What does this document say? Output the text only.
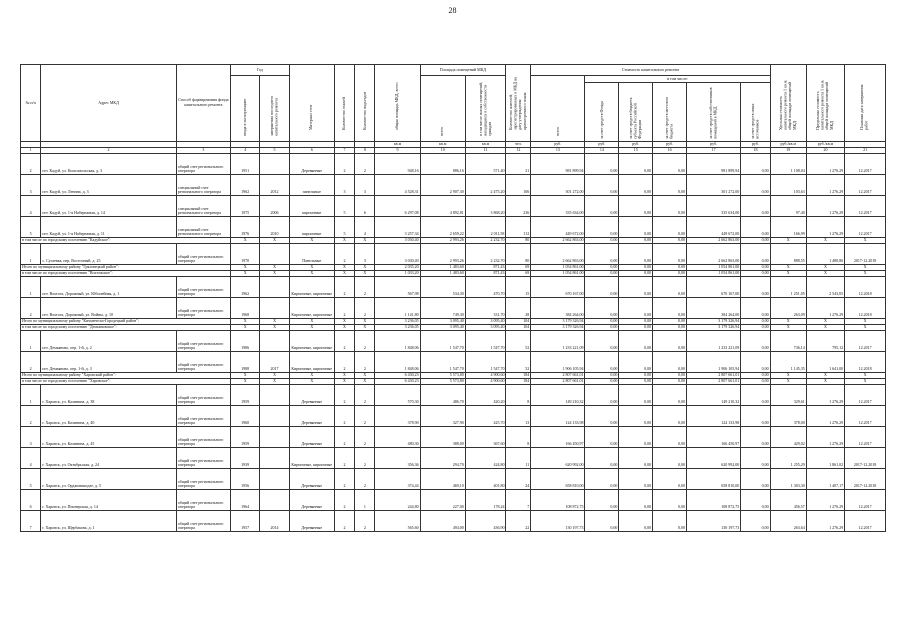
28
№ п/п	Адрес МКД	Способ формирования фонда капитального ремонта	Год		Материал стен	Количество этажей	Количество подъездов	общая площадь МКД, всего	Площадь помещений МКД		Количество жителей, зарегистрированных в МКД на дату утверждения краткосрочного плана	Стоимость капитального ремонта						Удельная стоимость капитального ремонта 1 кв.м. общей площади помещений МКД	Предельная стоимость капитального ремонта 1 кв.м. общей площади помещений МКД	Плановая дата завершения работ

			ввода в эксплуатацию	завершения последнего капитального ремонта					всего	в том числе жилых помещений, находящихся в собственности граждан		всего	в том числе:							

													за счет средств Фонда	за счет средств бюджета субъекта Российской Федерации	за счет средств местного бюджета	за счет средств собственников помещений в МКД	за счет средств иных источников			

								кв.м	кв.м	кв.м	чел.	руб.	руб.	руб.	руб.	руб.	руб.	руб./кв.м	руб./кв.м	
1	2	3	4	5	6	7	8	9	10	11	12	13	14	15	16	17	18	19	20	21
2	пгт. Кадуй, ул. Комсомольская, д. 3	общий счет регионального оператора	1951		Деревянные	2	2	948,16	886,16	571,40	21	981 899,94	0,00	0,00	0,00	981 899,94	0,00	1 108,04	1 276,29	12.2017
3	пгт. Кадуй, ул. Ленина, д. 3	специальный счет регионального оператора	1962	2012	панельные	3	3	4 528,31	2 907,30	2 475,20	106	301 272,00	0,00	0,00	0,00	301 272,00	0,00	103,63	1 276,29	12.2017
4	пгт. Кадуй, ул. 1-я Набережная, д. 14	специальный счет регионального оператора	1975	2006	кирпичные	5	6	6 297,08	4 892,81	3 868,20	236	335 634,00	0,00	0,00	0,00	335 634,00	0,00	97,40	1 276,29	12.2017
5	пгт. Кадуй, ул. 1-я Набережная, д. 11	специальный счет регионального оператора	1976	2010	кирпичные	5	4	3 257,34	2 659,22	2 011,58	112	449 672,00	0,00	0,00	0,00	449 672,00	0,00	166,99	1 276,29	12.2017
в том числе по городскому поселению "Кадуйское":			X	X	X	X	X	3 030,40	2 993,26	2 232,70	80	2 662 863,00	0,00	0,00	0,00	2 662 863,00	0,00	X	X	X
1	с. Сугаевка, пер. Восточный, д. 25	общий счет регионального оператора	1970		Панельные	2	3	3 030,40	2 993,26	2 232,70	80	2 662 863,00	0,00	0,00	0,00	2 662 863,00	0,00	888,55	1 480,86	2017-12.2018
Итого по муниципальному району "Грязовецкий район":			X	X	X	X	X	2 035,20	1 483,60	871,43	69	1 054 861,00	0,00	0,00	0,00	1 054 861,00	0,00	X	X	X
в том числе по городскому поселению "Вохтожское":			X	X	X	X	X	1 033,20	1 483,60	871,43	69	1 054 861,00	0,00	0,00	0,00	1 054 861,00	0,00	X	X	X
1	пгт. Вохтога, Дорожный, ул. Юбилейная, д. 1	общий счет регионального оператора	1962		Кирпичные, кирпичные	2	2	567,98	534,30	470,70	15	670 167,00	0,00	0,00	0,00	670 167,00	0,00	1 251,05	2 543,05	12.2018
2	пгт. Вохтога, Дорожный, ул. Войны, д. 10	общий счет регионального оператора	1968		Кирпичные, кирпичные	2	2	1 141,80	749,30	331,70	28	384 264,00	0,00	0,00	0,00	384 264,00	0,00	263,09	1 276,29	12.2018
Итого по муниципальному району "Кичменгско-Городецкий район":			X	X	X	X	X	3 236,05	3 095,40	3 095,40	104	3 179 326,94	0,00	0,00	0,00	3 179 326,94	0,00	X	X	X
в том числе по городскому поселению "Демьяновское":			X	X	X	X	X	3 236,05	3 095,40	3 095,40	104	3 179 326,94	0,00	0,00	0,00	3 179 326,94	0,00	X	X	X
1	пгт. Демьяново, пер. 1-й, д. 2	общий счет регионального оператора	1986		Кирпичные, кирпичные	2	2	1 848,06	1 547,70	1 547,70	52	1 233 221,09	0,00	0,00	0,00	1 233 221,09	0,00	736,14	795,12	12.2017
2	пгт. Демьяново, пер. 1-й, д. 3	общий счет регионального оператора	1988	2017	Кирпичные, кирпичные	2	2	1 848,06	1 547,70	1 547,70	52	1 906 105,94	0,00	0,00	0,00	1 906 105,94	0,00	1 145,35	1 641,00	12.2018
Итого по муниципальному району "Харовский район":			X	X	X	X	X	6 430,23	5 573,80	4 900,60	184	2 807 661,01	0,00	0,00	0,00	2 807 661,01	0,00	X	X	X
в том числе по городскому поселению "Харовское":			X	X	X	X	X	6 430,23	5 573,80	4 900,60	184	2 807 661,01	0,00	0,00	0,00	2 807 661,01	0,00	X	X	X
1	г. Харовск, ул. Калинина, д. 38	общий счет регионального оператора	1959		Деревянные	2	2	570,30	486,70	420,20	8	149 210,32	0,00	0,00	0,00	149 210,32	0,00	329,61	1 276,29	12.2017
2	г. Харовск, ул. Калинина, д. 40	общий счет регионального оператора	1960		Деревянные	2	2	378,90	327,90	425,70	13	124 133,98	0,00	0,00	0,00	124 133,98	0,00	378,00	1 276,29	12.2017
3	г. Харовск, ул. Калинина, д. 45	общий счет регионального оператора	1959		Деревянные	2	2	480,30	388,00	367,60	8	166 450,97	0,00	0,00	0,00	166 450,97	0,00	429,02	1 276,29	12.2017
4	г. Харовск, ул. Октябрьская, д. 24	общий счет регионального оператора	1939		Кирпичные, кирпичные	2	2	356,36	294,70	424,80	11	620 992,00	0,00	0,00	0,00	620 992,00	0,00	1 255,29	1 861,02	2017-12.2018
5	г. Харовск, ул. Орджоникидзе, д. 5	общий счет регионального оператора	1956		Деревянные	2	2	374,44	469,10	401,80	24	658 810,00	0,00	0,00	0,00	658 810,00	0,00	1 303,30	1 407,17	2017-12.2018
6	г. Харовск, ул. Пионерская, д. 14	общий счет регионального оператора	1964		Деревянные	2	1	244,80	227,00	178,24	7	108 872,75	0,00	0,00	0,00	108 872,75	0,00	456,57	1 276,29	12.2017
7	г. Харовск, ул. Щербакова, д. 1	общий счет регионального оператора	1957	2014	Деревянные	2	2	565,60	494,00	436,90	22	130 197,73	0,00	0,00	0,00	130 197,73	0,00	263,64	1 276,29	12.2017
